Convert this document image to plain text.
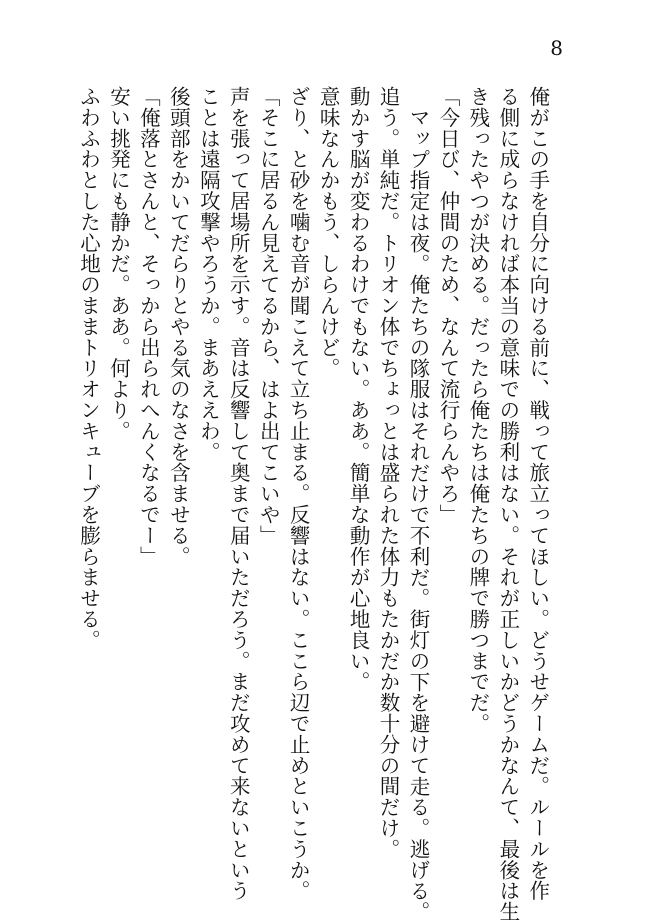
8
俺がこの手を自分に向ける前に、戦って旅立ってほしい。どうせゲームだ。ルールを作
る側に成らなければ本当の意味での勝利はない。それが正しいかどうかなんて、最後は生
き残ったやつが決める。だったら俺たちは俺たちの牌で勝つまでだ。
「今日び、仲間のため、なんて流行らんやろ」
マップ指定は夜。俺たちの隊服はそれだけで不利だ。街灯の下を避けて走る。逃げる。
追う。単純だ。トリオン体でちょっとは盛られた体力もたかだか数十分の間だけ。
動かす脳が変わるわけでもない。ああ。簡単な動作が心地良い。
意味なんかもう、しらんけど。
ざり、と砂を噛む音が聞こえて立ち止まる。反響はない。ここら辺で止めといこうか。
「そこに居るん見えてるから、はよ出てこいや」
声を張って居場所を示す。音は反響して奥まで届いただろう。まだ攻めて来ないという
ことは遠隔攻撃やろうか。まあええわ。
後頭部をかいてだらりとやる気のなさを含ませる。
「俺落とさんと、そっから出られへんくなるでー」
安い挑発にも静かだ。ああ。何より。
ふわふわとした心地のままトリオンキューブを膨らませる。
